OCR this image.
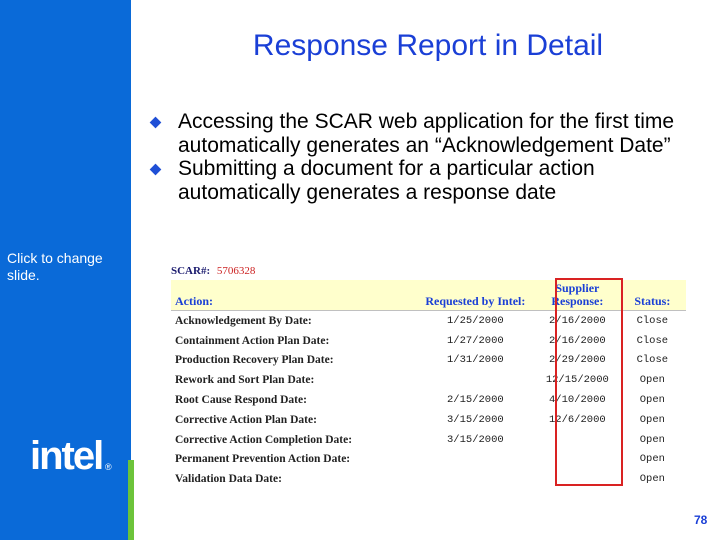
Click to change slide.
intel ®
Response Report in Detail
Accessing the SCAR web application for the first time automatically generates an “Acknowledgement Date”
Submitting a document for a particular action automatically generates a response date
SCAR#: 5706328
Action:	Requested by Intel:	Supplier Response:	Status:
Acknowledgement By Date:	1/25/2000	2/16/2000	Close
Containment Action Plan Date:	1/27/2000	2/16/2000	Close
Production Recovery Plan Date:	1/31/2000	2/29/2000	Close
Rework and Sort Plan Date:		12/15/2000	Open
Root Cause Respond Date:	2/15/2000	4/10/2000	Open
Corrective Action Plan Date:	3/15/2000	12/6/2000	Open
Corrective Action Completion Date:	3/15/2000		Open
Permanent Prevention Action Date:			Open
Validation Data Date:			Open
78
